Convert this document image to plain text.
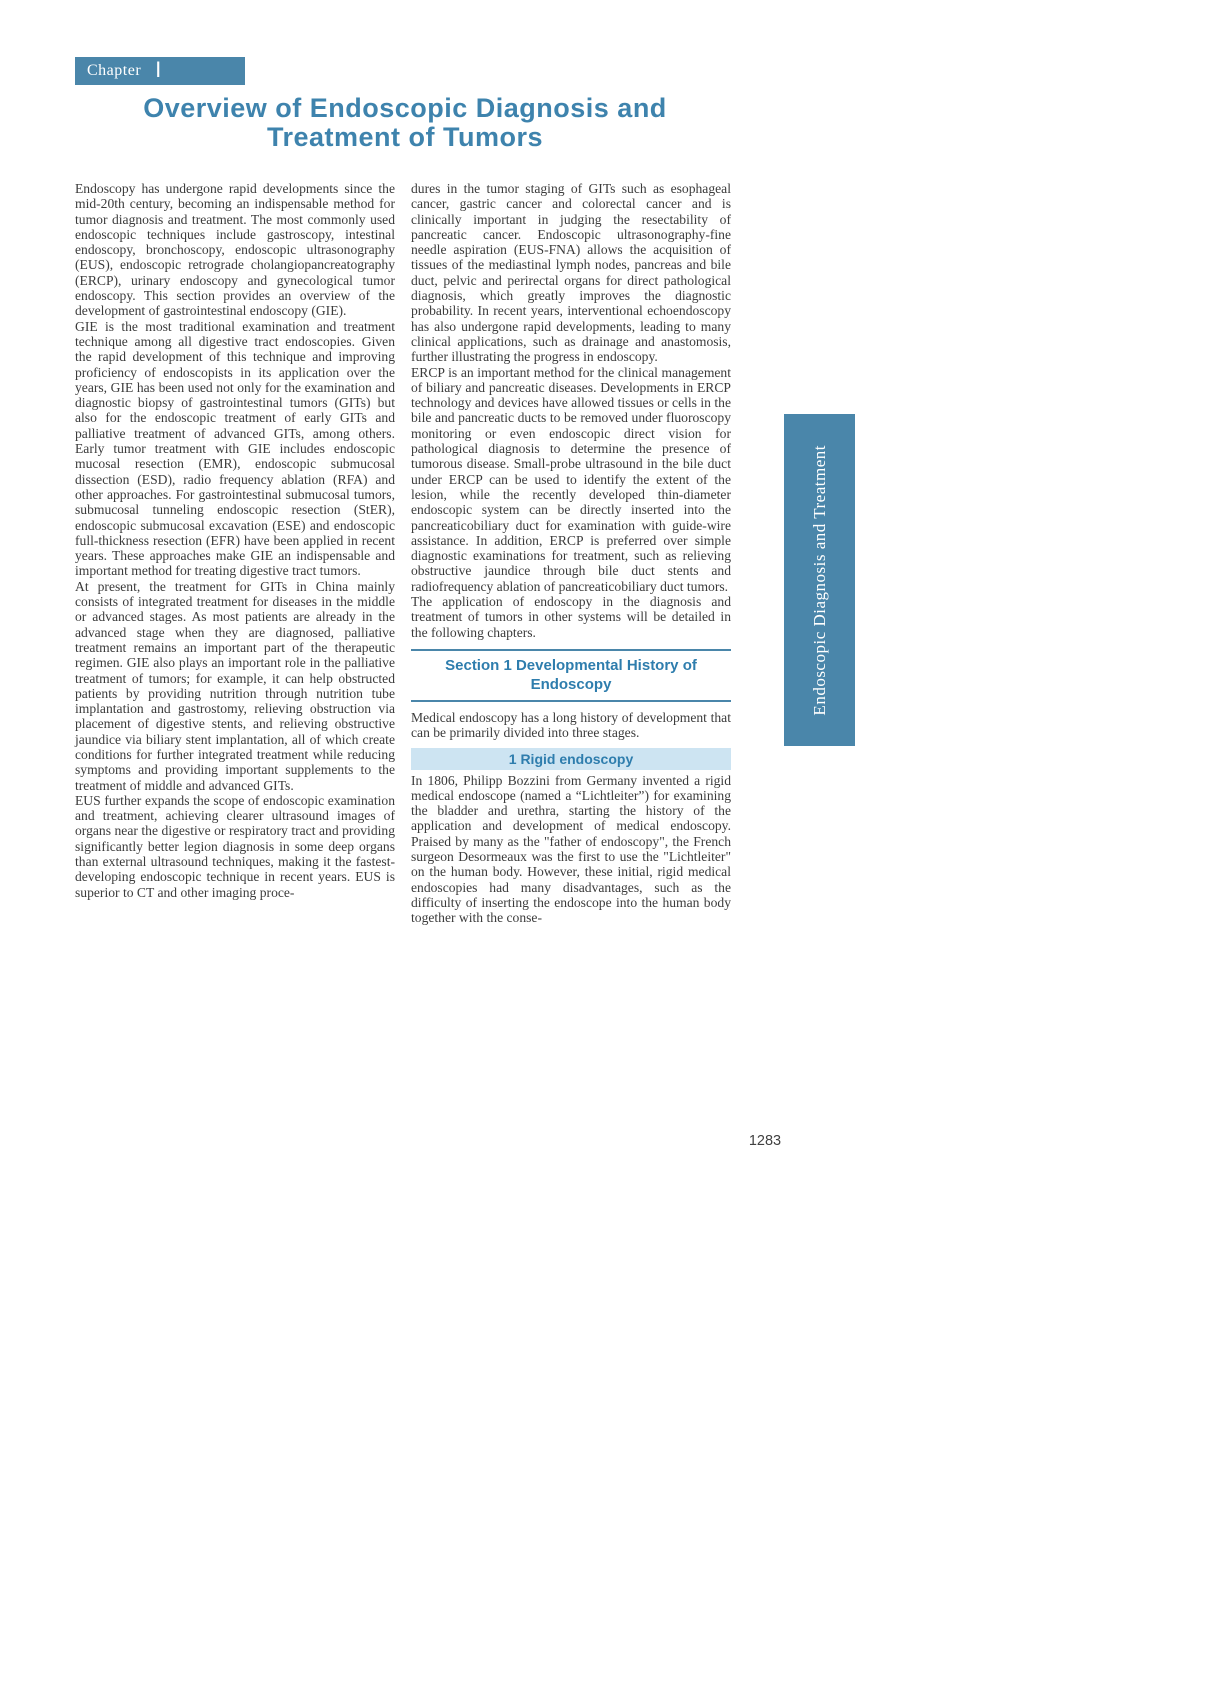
Chapter Ⅰ
Overview of Endoscopic Diagnosis and
Treatment of Tumors

Endoscopy has undergone rapid developments since the mid-20th century, becoming an indispensable method for tumor diagnosis and treatment. The most commonly used endoscopic techniques include gastroscopy, intestinal endoscopy, bronchoscopy, endoscopic ultrasonography (EUS), endoscopic retrograde cholangiopancreatography (ERCP), urinary endoscopy and gynecological tumor endoscopy. This section provides an overview of the development of gastrointestinal endoscopy (GIE).

GIE is the most traditional examination and treatment technique among all digestive tract endoscopies. Given the rapid development of this technique and improving proficiency of endoscopists in its application over the years, GIE has been used not only for the examination and diagnostic biopsy of gastrointestinal tumors (GITs) but also for the endoscopic treatment of early GITs and palliative treatment of advanced GITs, among others. Early tumor treatment with GIE includes endoscopic mucosal resection (EMR), endoscopic submucosal dissection (ESD), radio frequency ablation (RFA) and other approaches. For gastrointestinal submucosal tumors, submucosal tunneling endoscopic resection (StER), endoscopic submucosal excavation (ESE) and endoscopic full-thickness resection (EFR) have been applied in recent years. These approaches make GIE an indispensable and important method for treating digestive tract tumors.

At present, the treatment for GITs in China mainly consists of integrated treatment for diseases in the middle or advanced stages. As most patients are already in the advanced stage when they are diagnosed, palliative treatment remains an important part of the therapeutic regimen. GIE also plays an important role in the palliative treatment of tumors; for example, it can help obstructed patients by providing nutrition through nutrition tube implantation and gastrostomy, relieving obstruction via placement of digestive stents, and relieving obstructive jaundice via biliary stent implantation, all of which create conditions for further integrated treatment while reducing symptoms and providing important supplements to the treatment of middle and advanced GITs.

EUS further expands the scope of endoscopic examination and treatment, achieving clearer ultrasound images of organs near the digestive or respiratory tract and providing significantly better legion diagnosis in some deep organs than external ultrasound techniques, making it the fastest-developing endoscopic technique in recent years. EUS is superior to CT and other imaging proce-

dures in the tumor staging of GITs such as esophageal cancer, gastric cancer and colorectal cancer and is clinically important in judging the resectability of pancreatic cancer. Endoscopic ultrasonography-fine needle aspiration (EUS-FNA) allows the acquisition of tissues of the mediastinal lymph nodes, pancreas and bile duct, pelvic and perirectal organs for direct pathological diagnosis, which greatly improves the diagnostic probability. In recent years, interventional echoendoscopy has also undergone rapid developments, leading to many clinical applications, such as drainage and anastomosis, further illustrating the progress in endoscopy.

ERCP is an important method for the clinical management of biliary and pancreatic diseases. Developments in ERCP technology and devices have allowed tissues or cells in the bile and pancreatic ducts to be removed under fluoroscopy monitoring or even endoscopic direct vision for pathological diagnosis to determine the presence of tumorous disease. Small-probe ultrasound in the bile duct under ERCP can be used to identify the extent of the lesion, while the recently developed thin-diameter endoscopic system can be directly inserted into the pancreaticobiliary duct for examination with guide-wire assistance. In addition, ERCP is preferred over simple diagnostic examinations for treatment, such as relieving obstructive jaundice through bile duct stents and radiofrequency ablation of pancreaticobiliary duct tumors.

The application of endoscopy in the diagnosis and treatment of tumors in other systems will be detailed in the following chapters.

Section 1 Developmental History of Endoscopy

Medical endoscopy has a long history of development that can be primarily divided into three stages.

1 Rigid endoscopy

In 1806, Philipp Bozzini from Germany invented a rigid medical endoscope (named a “Lichtleiter”) for examining the bladder and urethra, starting the history of the application and development of medical endoscopy. Praised by many as the "father of endoscopy", the French surgeon Desormeaux was the first to use the "Lichtleiter" on the human body. However, these initial, rigid medical endoscopies had many disadvantages, such as the difficulty of inserting the endoscope into the human body together with the conse-

Endoscopic Diagnosis and Treatment
1283
